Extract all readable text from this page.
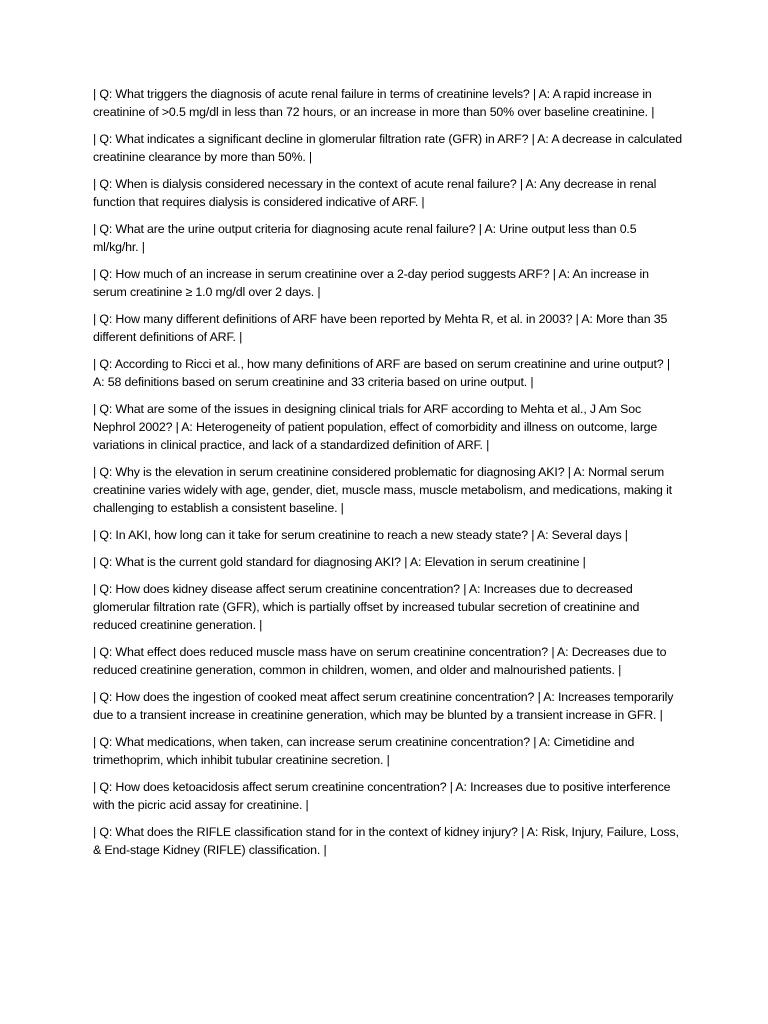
| Q: What triggers the diagnosis of acute renal failure in terms of creatinine levels? | A: A rapid increase in creatinine of >0.5 mg/dl in less than 72 hours, or an increase in more than 50% over baseline creatinine. |

| Q: What indicates a significant decline in glomerular filtration rate (GFR) in ARF? | A: A decrease in calculated creatinine clearance by more than 50%. |

| Q: When is dialysis considered necessary in the context of acute renal failure? | A: Any decrease in renal function that requires dialysis is considered indicative of ARF. |

| Q: What are the urine output criteria for diagnosing acute renal failure? | A: Urine output less than 0.5 ml/kg/hr. |

| Q: How much of an increase in serum creatinine over a 2-day period suggests ARF? | A: An increase in serum creatinine ≥ 1.0 mg/dl over 2 days. |

| Q: How many different definitions of ARF have been reported by Mehta R, et al. in 2003? | A: More than 35 different definitions of ARF. |

| Q: According to Ricci et al., how many definitions of ARF are based on serum creatinine and urine output? | A: 58 definitions based on serum creatinine and 33 criteria based on urine output. |

| Q: What are some of the issues in designing clinical trials for ARF according to Mehta et al., J Am Soc Nephrol 2002? | A: Heterogeneity of patient population, effect of comorbidity and illness on outcome, large variations in clinical practice, and lack of a standardized definition of ARF. |

| Q: Why is the elevation in serum creatinine considered problematic for diagnosing AKI? | A: Normal serum creatinine varies widely with age, gender, diet, muscle mass, muscle metabolism, and medications, making it challenging to establish a consistent baseline. |

| Q: In AKI, how long can it take for serum creatinine to reach a new steady state? | A: Several days |

| Q: What is the current gold standard for diagnosing AKI? | A: Elevation in serum creatinine |

| Q: How does kidney disease affect serum creatinine concentration? | A: Increases due to decreased glomerular filtration rate (GFR), which is partially offset by increased tubular secretion of creatinine and reduced creatinine generation. |

| Q: What effect does reduced muscle mass have on serum creatinine concentration? | A: Decreases due to reduced creatinine generation, common in children, women, and older and malnourished patients. |

| Q: How does the ingestion of cooked meat affect serum creatinine concentration? | A: Increases temporarily due to a transient increase in creatinine generation, which may be blunted by a transient increase in GFR. |

| Q: What medications, when taken, can increase serum creatinine concentration? | A: Cimetidine and trimethoprim, which inhibit tubular creatinine secretion. |

| Q: How does ketoacidosis affect serum creatinine concentration? | A: Increases due to positive interference with the picric acid assay for creatinine. |

| Q: What does the RIFLE classification stand for in the context of kidney injury? | A: Risk, Injury, Failure, Loss, & End-stage Kidney (RIFLE) classification. |
